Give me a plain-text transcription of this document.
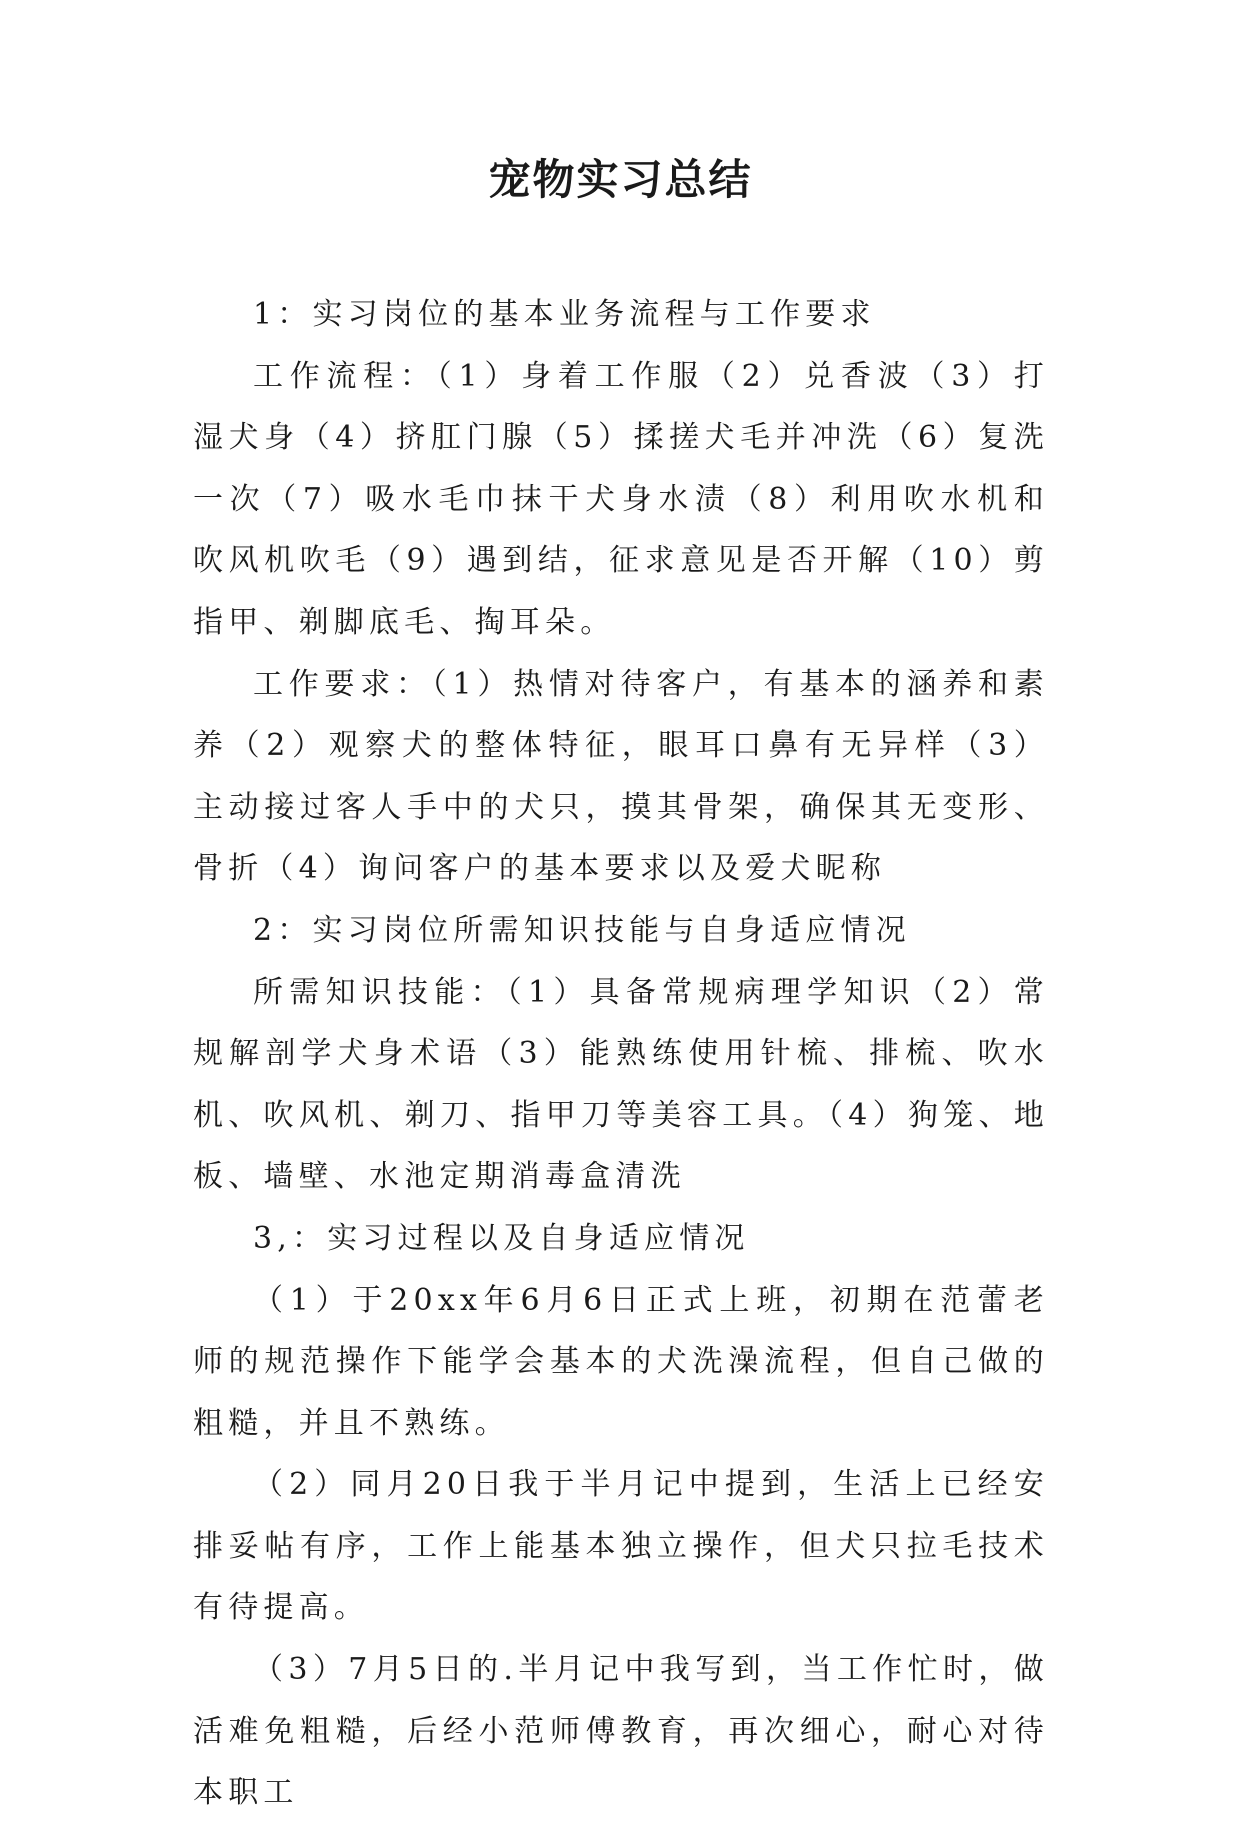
宠物实习总结

1：实习岗位的基本业务流程与工作要求

工作流程：（1）身着工作服（2）兑香波（3）打湿犬身（4）挤肛门腺（5）揉搓犬毛并冲洗（6）复洗一次（7）吸水毛巾抹干犬身水渍（8）利用吹水机和吹风机吹毛（9）遇到结，征求意见是否开解（10）剪指甲、剃脚底毛、掏耳朵。

工作要求：（1）热情对待客户，有基本的涵养和素养（2）观察犬的整体特征，眼耳口鼻有无异样（3）主动接过客人手中的犬只，摸其骨架，确保其无变形、骨折（4）询问客户的基本要求以及爱犬昵称

2：实习岗位所需知识技能与自身适应情况

所需知识技能：（1）具备常规病理学知识（2）常规解剖学犬身术语（3）能熟练使用针梳、排梳、吹水机、吹风机、剃刀、指甲刀等美容工具。（4）狗笼、地板、墙壁、水池定期消毒盒清洗

3,：实习过程以及自身适应情况

（1）于20xx年6月6日正式上班，初期在范蕾老师的规范操作下能学会基本的犬洗澡流程，但自己做的粗糙，并且不熟练。

（2）同月20日我于半月记中提到，生活上已经安排妥帖有序，工作上能基本独立操作，但犬只拉毛技术有待提高。

（3）7月5日的.半月记中我写到，当工作忙时，做活难免粗糙，后经小范师傅教育，再次细心，耐心对待本职工
